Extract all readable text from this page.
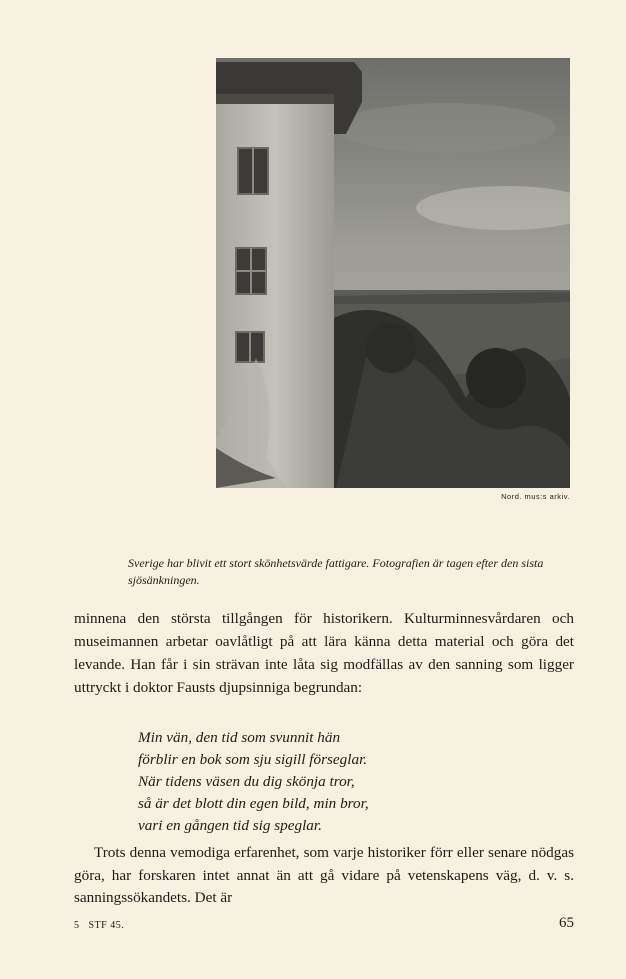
Nord. mus:s arkiv.
Sverige har blivit ett stort skönhetsvärde fattigare. Fotografien är tagen efter den sista sjösänkningen.

minnena den största tillgången för historikern. Kulturminnesvårdaren och museimannen arbetar oavlåtligt på att lära känna detta material och göra det levande. Han får i sin strävan inte låta sig modfällas av den sanning som ligger uttryckt i doktor Fausts djupsinniga begrundan:

Min vän, den tid som svunnit hän
förblir en bok som sju sigill förseglar.
När tidens väsen du dig skönja tror,
så är det blott din egen bild, min bror,
vari en gången tid sig speglar.

Trots denna vemodiga erfarenhet, som varje historiker förr eller senare nödgas göra, har forskaren intet annat än att gå vidare på vetenskapens väg, d. v. s. sanningssökandets. Det är

5   STF 45.	65
